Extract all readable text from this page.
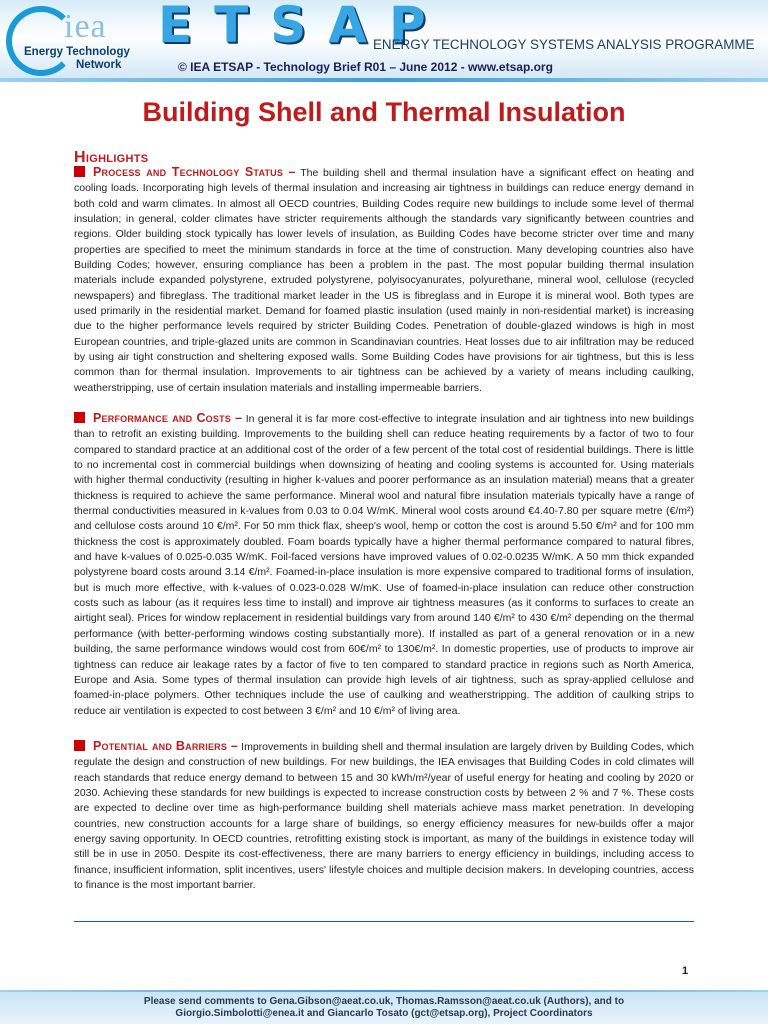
iea
Energy Technology
Network
ETSAP
ENERGY TECHNOLOGY SYSTEMS ANALYSIS PROGRAMME
© IEA ETSAP - Technology Brief R01 – June 2012 - www.etsap.org
Building Shell and Thermal Insulation
Highlights
Process and Technology Status – The building shell and thermal insulation have a significant effect on heating and cooling loads. Incorporating high levels of thermal insulation and increasing air tightness in buildings can reduce energy demand in both cold and warm climates. In almost all OECD countries, Building Codes require new buildings to include some level of thermal insulation; in general, colder climates have stricter requirements although the standards vary significantly between countries and regions. Older building stock typically has lower levels of insulation, as Building Codes have become stricter over time and many properties are specified to meet the minimum standards in force at the time of construction. Many developing countries also have Building Codes; however, ensuring compliance has been a problem in the past. The most popular building thermal insulation materials include expanded polystyrene, extruded polystyrene, polyisocyanurates, polyurethane, mineral wool, cellulose (recycled newspapers) and fibreglass. The traditional market leader in the US is fibreglass and in Europe it is mineral wool. Both types are used primarily in the residential market. Demand for foamed plastic insulation (used mainly in non-residential market) is increasing due to the higher performance levels required by stricter Building Codes. Penetration of double-glazed windows is high in most European countries, and triple-glazed units are common in Scandinavian countries. Heat losses due to air infiltration may be reduced by using air tight construction and sheltering exposed walls. Some Building Codes have provisions for air tightness, but this is less common than for thermal insulation. Improvements to air tightness can be achieved by a variety of means including caulking, weatherstripping, use of certain insulation materials and installing impermeable barriers.
Performance and Costs – In general it is far more cost-effective to integrate insulation and air tightness into new buildings than to retrofit an existing building. Improvements to the building shell can reduce heating requirements by a factor of two to four compared to standard practice at an additional cost of the order of a few percent of the total cost of residential buildings. There is little to no incremental cost in commercial buildings when downsizing of heating and cooling systems is accounted for. Using materials with higher thermal conductivity (resulting in higher k-values and poorer performance as an insulation material) means that a greater thickness is required to achieve the same performance. Mineral wool and natural fibre insulation materials typically have a range of thermal conductivities measured in k-values from 0.03 to 0.04 W/mK. Mineral wool costs around €4.40-7.80 per square metre (€/m²) and cellulose costs around 10 €/m². For 50 mm thick flax, sheep's wool, hemp or cotton the cost is around 5.50 €/m² and for 100 mm thickness the cost is approximately doubled. Foam boards typically have a higher thermal performance compared to natural fibres, and have k-values of 0.025-0.035 W/mK. Foil-faced versions have improved values of 0.02-0.0235 W/mK. A 50 mm thick expanded polystyrene board costs around 3.14 €/m². Foamed-in-place insulation is more expensive compared to traditional forms of insulation, but is much more effective, with k-values of 0.023-0.028 W/mK. Use of foamed-in-place insulation can reduce other construction costs such as labour (as it requires less time to install) and improve air tightness measures (as it conforms to surfaces to create an airtight seal). Prices for window replacement in residential buildings vary from around 140 €/m² to 430 €/m² depending on the thermal performance (with better-performing windows costing substantially more). If installed as part of a general renovation or in a new building, the same performance windows would cost from 60€/m² to 130€/m². In domestic properties, use of products to improve air tightness can reduce air leakage rates by a factor of five to ten compared to standard practice in regions such as North America, Europe and Asia. Some types of thermal insulation can provide high levels of air tightness, such as spray-applied cellulose and foamed-in-place polymers. Other techniques include the use of caulking and weatherstripping. The addition of caulking strips to reduce air ventilation is expected to cost between 3 €/m² and 10 €/m² of living area.
Potential and Barriers – Improvements in building shell and thermal insulation are largely driven by Building Codes, which regulate the design and construction of new buildings. For new buildings, the IEA envisages that Building Codes in cold climates will reach standards that reduce energy demand to between 15 and 30 kWh/m²/year of useful energy for heating and cooling by 2020 or 2030. Achieving these standards for new buildings is expected to increase construction costs by between 2 % and 7 %. These costs are expected to decline over time as high-performance building shell materials achieve mass market penetration. In developing countries, new construction accounts for a large share of buildings, so energy efficiency measures for new-builds offer a major energy saving opportunity. In OECD countries, retrofitting existing stock is important, as many of the buildings in existence today will still be in use in 2050. Despite its cost-effectiveness, there are many barriers to energy efficiency in buildings, including access to finance, insufficient information, split incentives, users' lifestyle choices and multiple decision makers. In developing countries, access to finance is the most important barrier.
1
Please send comments to Gena.Gibson@aeat.co.uk, Thomas.Ramsson@aeat.co.uk (Authors), and to
Giorgio.Simbolotti@enea.it and Giancarlo Tosato (gct@etsap.org), Project Coordinators
